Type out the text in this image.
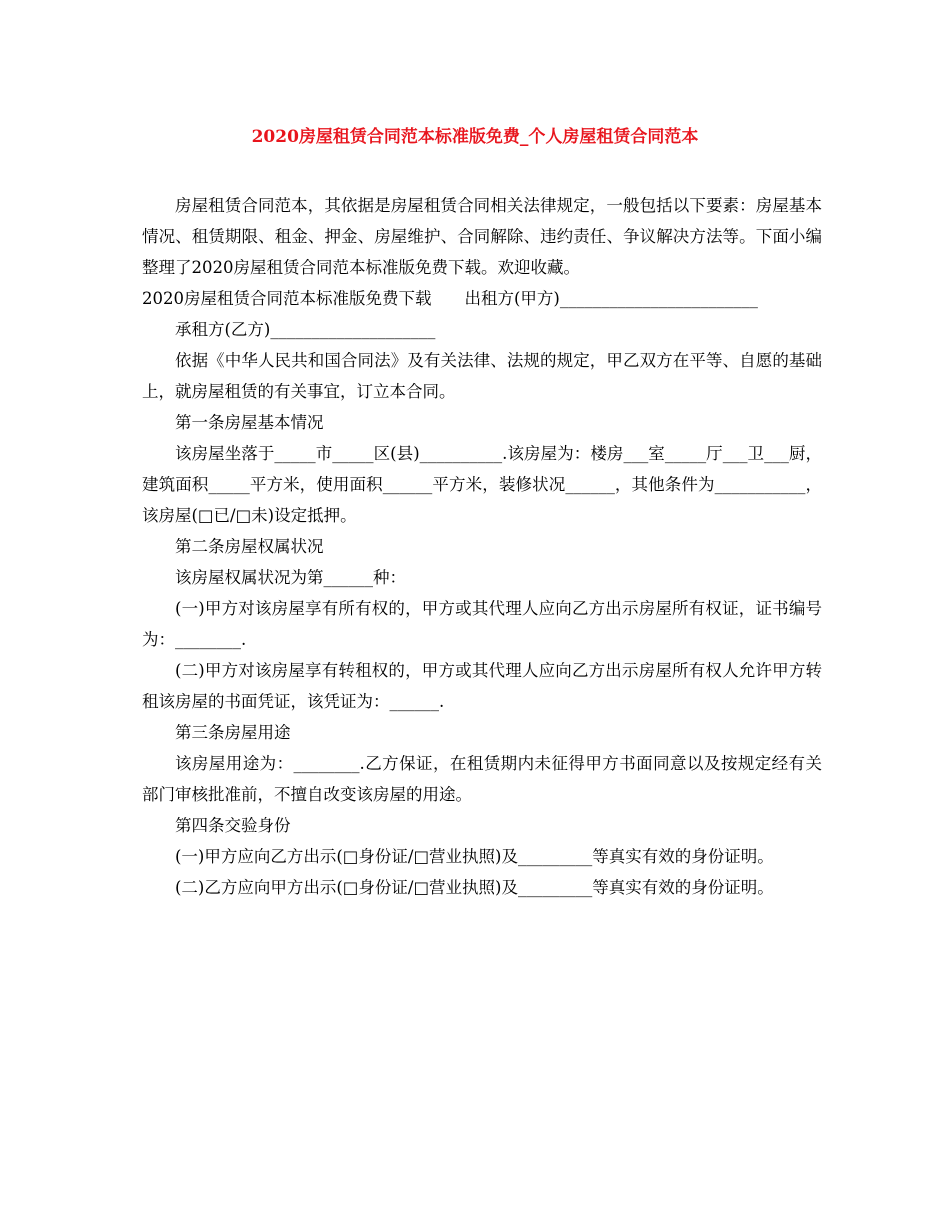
2020房屋租赁合同范本标准版免费_个人房屋租赁合同范本

房屋租赁合同范本，其依据是房屋租赁合同相关法律规定，一般包括以下要素：房屋基本情况、租赁期限、租金、押金、房屋维护、合同解除、违约责任、争议解决方法等。下面小编整理了2020房屋租赁合同范本标准版免费下载。欢迎收藏。

2020房屋租赁合同范本标准版免费下载　　出租方(甲方)________________________

承租方(乙方)____________________

依据《中华人民共和国合同法》及有关法律、法规的规定，甲乙双方在平等、自愿的基础上，就房屋租赁的有关事宜，订立本合同。

第一条房屋基本情况

该房屋坐落于_____市_____区(县)__________.该房屋为：楼房___室_____厅___卫___厨，建筑面积_____平方米，使用面积______平方米，装修状况______，其他条件为___________，该房屋(□已/□未)设定抵押。

第二条房屋权属状况

该房屋权属状况为第______种：

(一)甲方对该房屋享有所有权的，甲方或其代理人应向乙方出示房屋所有权证，证书编号为：________.

(二)甲方对该房屋享有转租权的，甲方或其代理人应向乙方出示房屋所有权人允许甲方转租该房屋的书面凭证，该凭证为：______.

第三条房屋用途

该房屋用途为：________.乙方保证，在租赁期内未征得甲方书面同意以及按规定经有关部门审核批准前，不擅自改变该房屋的用途。

第四条交验身份

(一)甲方应向乙方出示(□身份证/□营业执照)及_________等真实有效的身份证明。

(二)乙方应向甲方出示(□身份证/□营业执照)及_________等真实有效的身份证明。
